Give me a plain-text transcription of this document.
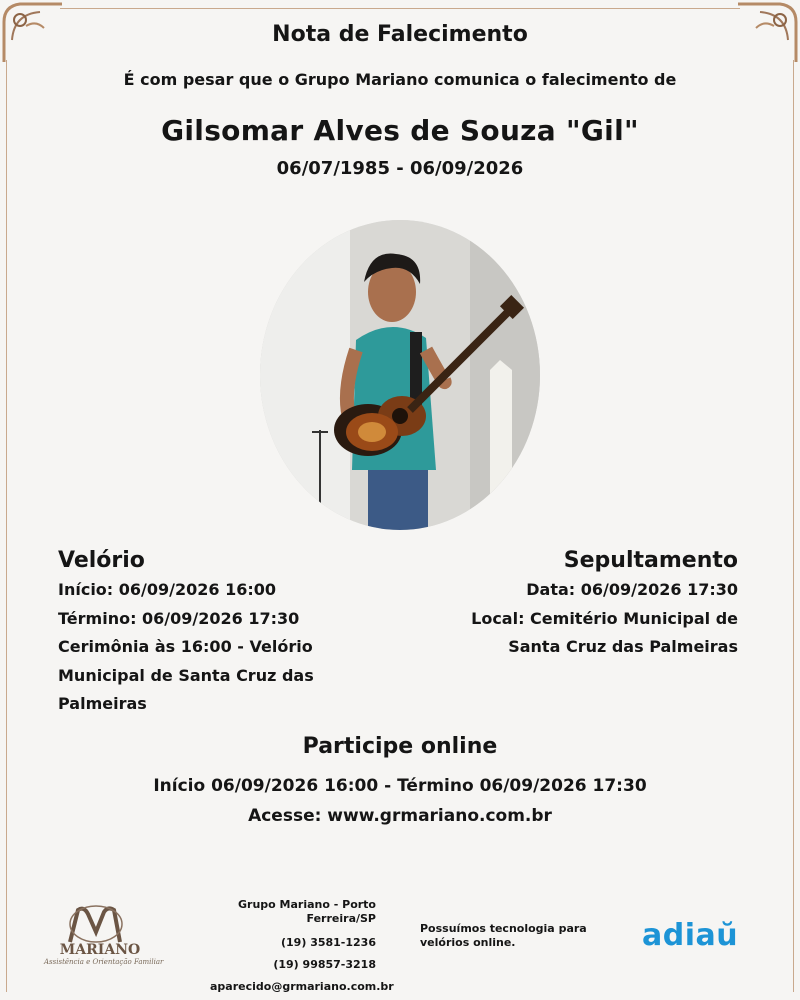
Nota de Falecimento
É com pesar que o Grupo Mariano comunica o falecimento de
Gilsomar Alves de Souza "Gil"
06/07/1985 - 06/09/2026
Velório
Início: 06/09/2026 16:00
Término: 06/09/2026 17:30
Cerimônia às 16:00 - Velório Municipal de Santa Cruz das Palmeiras
Sepultamento
Data: 06/09/2026 17:30
Local: Cemitério Municipal de Santa Cruz das Palmeiras
Participe online
Início 06/09/2026 16:00 - Término 06/09/2026 17:30
Acesse: www.grmariano.com.br
MARIANO
Assistência e Orientação Familiar
Grupo Mariano - Porto Ferreira/SP
(19) 3581-1236
(19) 99857-3218
aparecido@grmariano.com.br
Possuímos tecnologia para velórios online.	adiaŭ
